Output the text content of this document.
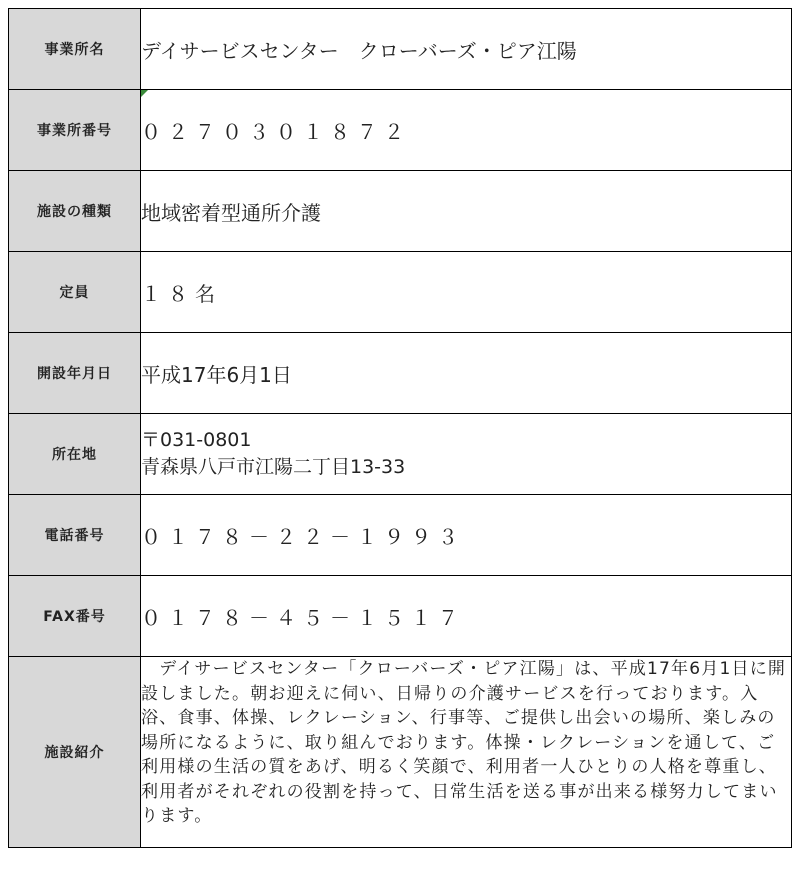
事業所名	デイサービスセンター　クローバーズ・ピア江陽
事業所番号	０２７０３０１８７２
施設の種類	地域密着型通所介護
定員	１８名
開設年月日	平成17年6月1日
所在地	〒031-0801
青森県八戸市江陽二丁目13-33

電話番号	０１７８－２２－１９９３
FAX番号	０１７８－４５－１５１７
施設紹介	　デイサービスセンター「クローバーズ・ピア江陽」は、平成17年6月1日に開設しました。朝お迎えに伺い、日帰りの介護サービスを行っております。入浴、食事、体操、レクレーション、行事等、ご提供し出会いの場所、楽しみの場所になるように、取り組んでおります。体操・レクレーションを通して、ご利用様の生活の質をあげ、明るく笑顔で、利用者一人ひとりの人格を尊重し、利用者がそれぞれの役割を持って、日常生活を送る事が出来る様努力してまいります。
